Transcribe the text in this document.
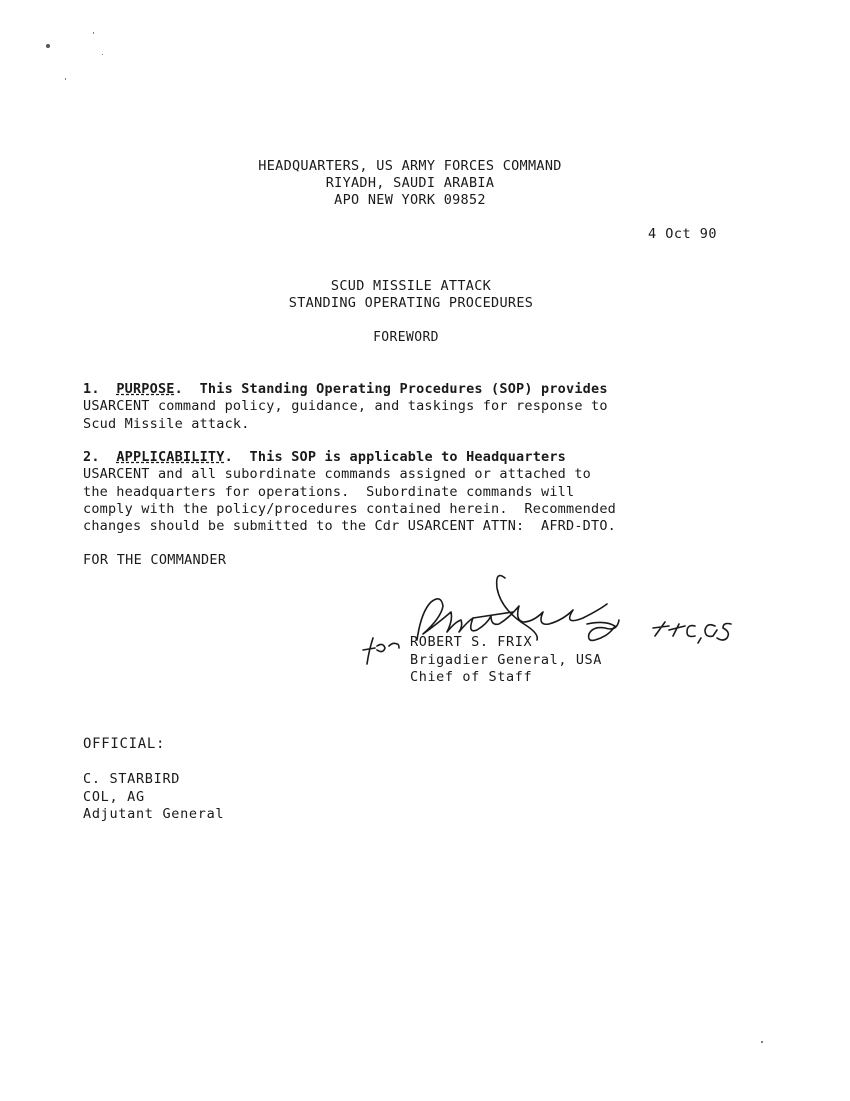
HEADQUARTERS, US ARMY FORCES COMMAND
RIYADH, SAUDI ARABIA
APO NEW YORK 09852
4 Oct 90
SCUD MISSILE ATTACK
STANDING OPERATING PROCEDURES
FOREWORD
1. PURPOSE.  This Standing Operating Procedures (SOP) provides
USARCENT command policy, guidance, and taskings for response to
Scud Missile attack.
2. APPLICABILITY.  This SOP is applicable to Headquarters
USARCENT and all subordinate commands assigned or attached to
the headquarters for operations.  Subordinate commands will
comply with the policy/procedures contained herein.  Recommended
changes should be submitted to the Cdr USARCENT ATTN:  AFRD-DTO.
FOR THE COMMANDER
ROBERT S. FRIX
Brigadier General, USA
Chief of Staff
OFFICIAL:
C. STARBIRD
COL, AG
Adjutant General
